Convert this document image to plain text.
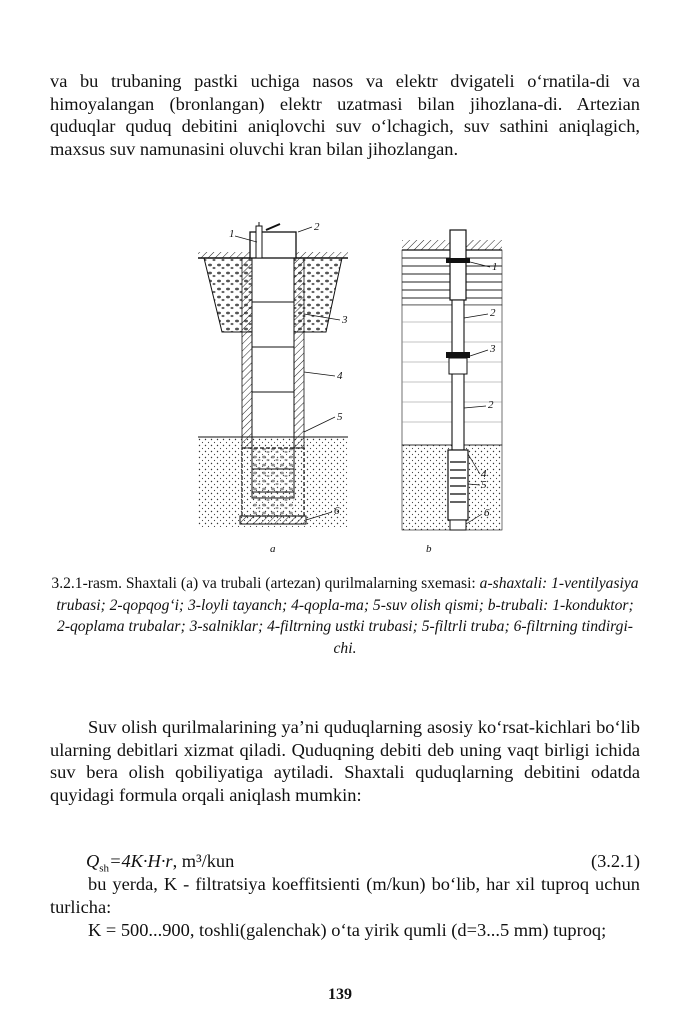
va bu trubaning pastki uchiga nasos va elektr dvigateli o‘rnatila-di va himoyalangan (bronlangan) elektr uzatmasi bilan jihozlana-di. Artezian quduqlar quduq debitini aniqlovchi suv o‘lchagich, suv sathini aniqlagich, maxsus suv namunasini oluvchi kran bilan jihozlangan.

1
2
3
4
5
6
a
1
2
3
2
4
5
6
b
3.2.1-rasm. Shaxtali (a) va trubali (artezan) qurilmalarning sxemasi: a-shaxtali: 1-ventilyasiya trubasi; 2-qopqog‘i; 3-loyli tayanch; 4-qopla-ma; 5-suv olish qismi; b-trubali: 1-konduktor; 2-qoplama trubalar; 3-salniklar; 4-filtrning ustki trubasi; 5-filtrli truba; 6-filtrning tindirgi-chi.

Suv olish qurilmalarining ya’ni quduqlarning asosiy ko‘rsat-kichlari bo‘lib ularning debitlari xizmat qiladi. Quduqning debiti deb uning vaqt birligi ichida suv bera olish qobiliyatiga aytiladi. Shaxtali quduqlarning debitini odatda quyidagi formula orqali aniqlash mumkin:

$Q_{sh}=4K\cdot H\cdot r$, m³/kun	(3.2.1)

bu yerda, K - filtratsiya koeffitsienti (m/kun) bo‘lib, har xil tuproq uchun turlicha:

K = 500...900, toshli(galenchak) o‘ta yirik qumli (d=3...5 mm) tuproq;

139
